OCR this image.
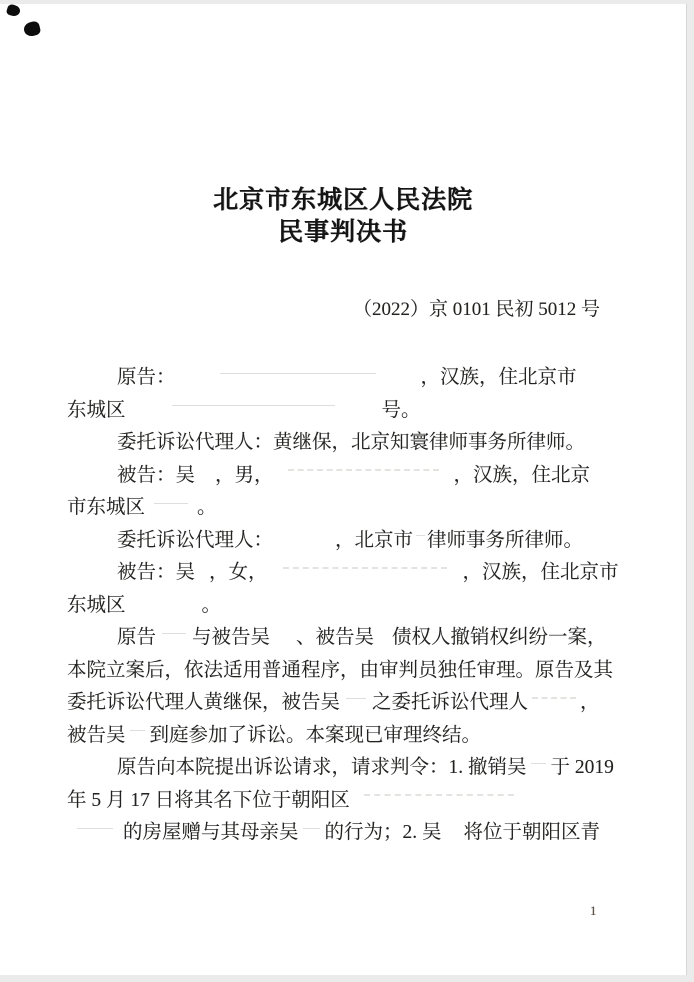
北京市东城区人民法院
民事判决书
（2022）京 0101 民初 5012 号
原告：	，汉族，住北京市
东城区	号。
委托诉讼代理人：黄继保，北京知寰律师事务所律师。
被告：吴 ，男，	，汉族，住北京
市东城区	。
委托诉讼代理人：	，北京市 律师事务所律师。
被告：吴 ，女，	，汉族，住北京市
东城区	。
原告 与被告吴 、被告吴 债权人撤销权纠纷一案，
本院立案后，依法适用普通程序，由审判员独任审理。原告及其
委托诉讼代理人黄继保，被告吴 之委托诉讼代理人	，
被告吴 到庭参加了诉讼。本案现已审理终结。
原告向本院提出诉讼请求，请求判令：1. 撤销吴 于 2019
年 5 月 17 日将其名下位于朝阳区
的房屋赠与其母亲吴 的行为；2. 吴 将位于朝阳区青
1
